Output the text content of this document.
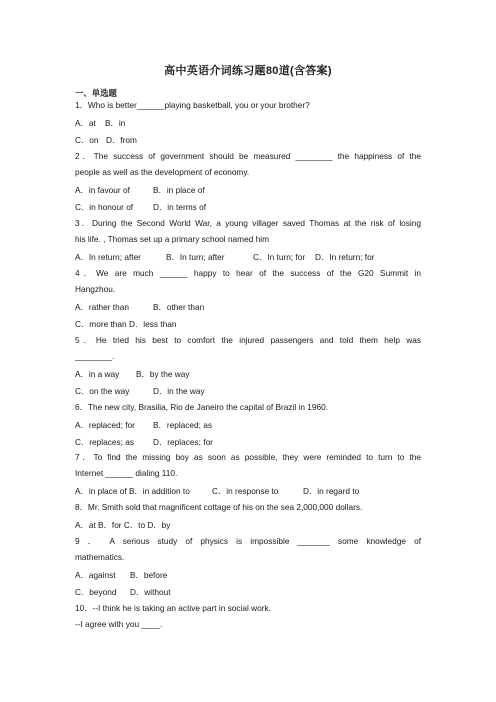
高中英语介词练习题80道(含答案)
一、单选题
1．Who is better______playing basketball, you or your brother?
A．at B．in
C．on D．from
2．The success of government should be measured ________ the happiness of the
people as well as the development of economy.
A．in favour of	B．in place of
C．in honour of D．in terms of
3．During the Second World War, a young villager saved Thomas at the risk of losing
his life. , Thomas set up a primary school named him
A．In return; after	B．In turn; after	C．In turn; for D．In return; for
4．We are much ______ happy to hear of the success of the G20 Summit in
Hangzhou.
A．rather than	B．other than
C．more than D．less than
5．He tried his best to comfort the injured passengers and told them help was
________.
A．in a way B．by the way
C．on the way	D．in the way
6．The new city, Brasilia, Rio de Janeiro the capital of Brazil in 1960.
A．replaced; for B．replaced; as
C．replaces; as D．replaces; for
7．To find the missing boy as soon as possible, they were reminded to turn to the
Internet ______ dialing 110.
A．in place of B．in addition to	C．in response to	D．in regard to
8．Mr. Smith sold that magnificent cottage of his on the sea 2,000,000 dollars.
A．at B．for C．to D．by
9 ． A serious study of physics is impossible _______ some knowledge of
mathematics.
A．against B．before
C．beyond D．without
10．--I think he is taking an active part in social work.
--I agree with you ____.
